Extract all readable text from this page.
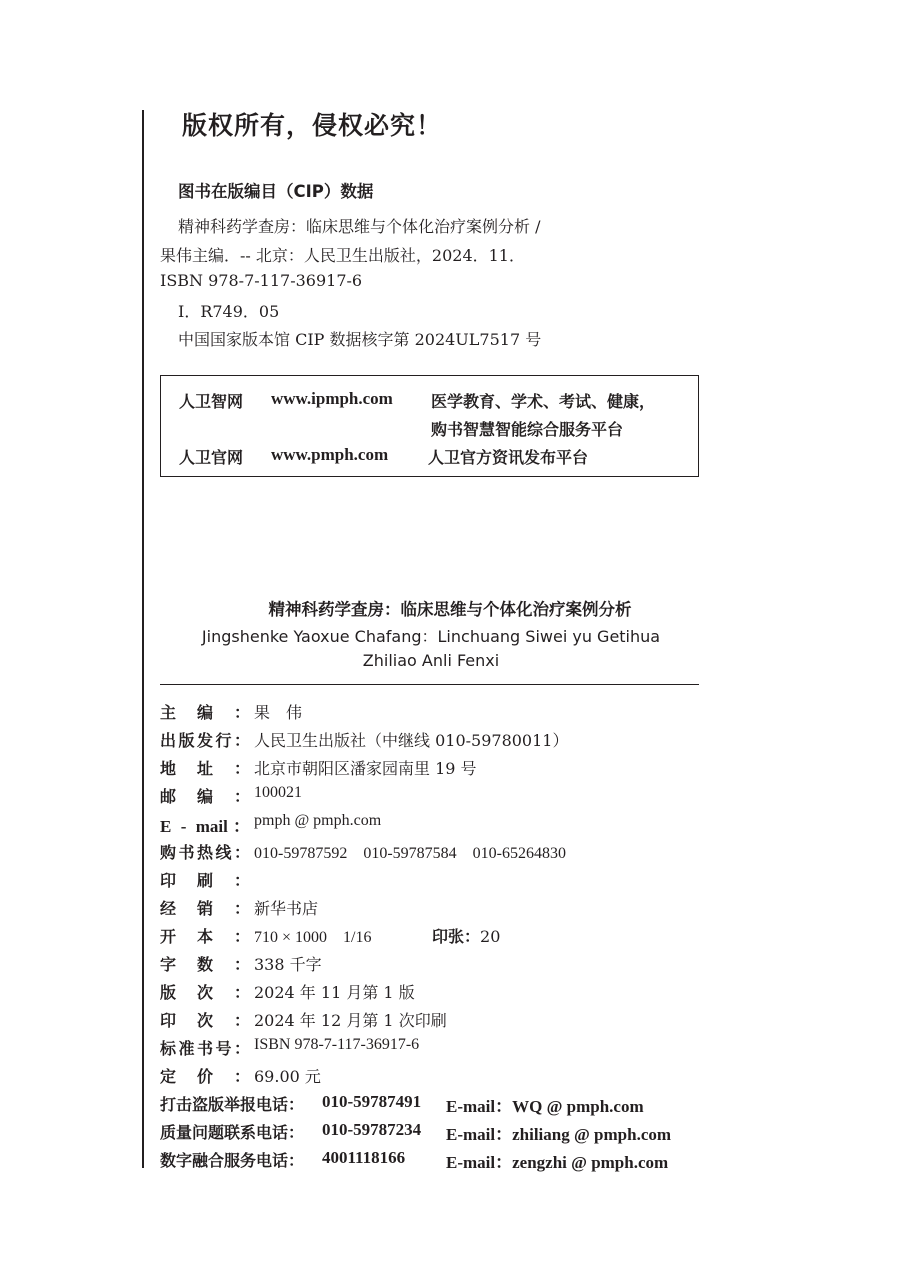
版权所有，侵权必究！
图书在版编目（CIP）数据
精神科药学查房：临床思维与个体化治疗案例分析 /
果伟主编．-- 北京：人民卫生出版社，2024．11．
ISBN 978-7-117-36917-6
Ⅰ．R749．05
中国国家版本馆 CIP 数据核字第 2024UL7517 号
人卫智网 www.ipmph.com 医学教育、学术、考试、健康，
购书智慧智能综合服务平台
人卫官网 www.pmph.com 人卫官方资讯发布平台
精神科药学查房：临床思维与个体化治疗案例分析
Jingshenke Yaoxue Chafang：Linchuang Siwei yu Getihua
Zhiliao Anli Fenxi
主编： 果　伟
出版发行： 人民卫生出版社（中继线 010-59780011）
地址： 北京市朝阳区潘家园南里 19 号
邮编： 100021
E - mail： pmph @ pmph.com
购书热线： 010-59787592　010-59787584　010-65264830
印刷：
经销： 新华书店
开本： 710 × 1000　1/16	印张：20
字数： 338 千字
版次： 2024 年 11 月第 1 版
印次： 2024 年 12 月第 1 次印刷
标准书号： ISBN 978-7-117-36917-6
定价： 69.00 元
打击盗版举报电话： 010-59787491 E-mail：WQ @ pmph.com
质量问题联系电话： 010-59787234 E-mail：zhiliang @ pmph.com
数字融合服务电话： 4001118166 E-mail：zengzhi @ pmph.com
